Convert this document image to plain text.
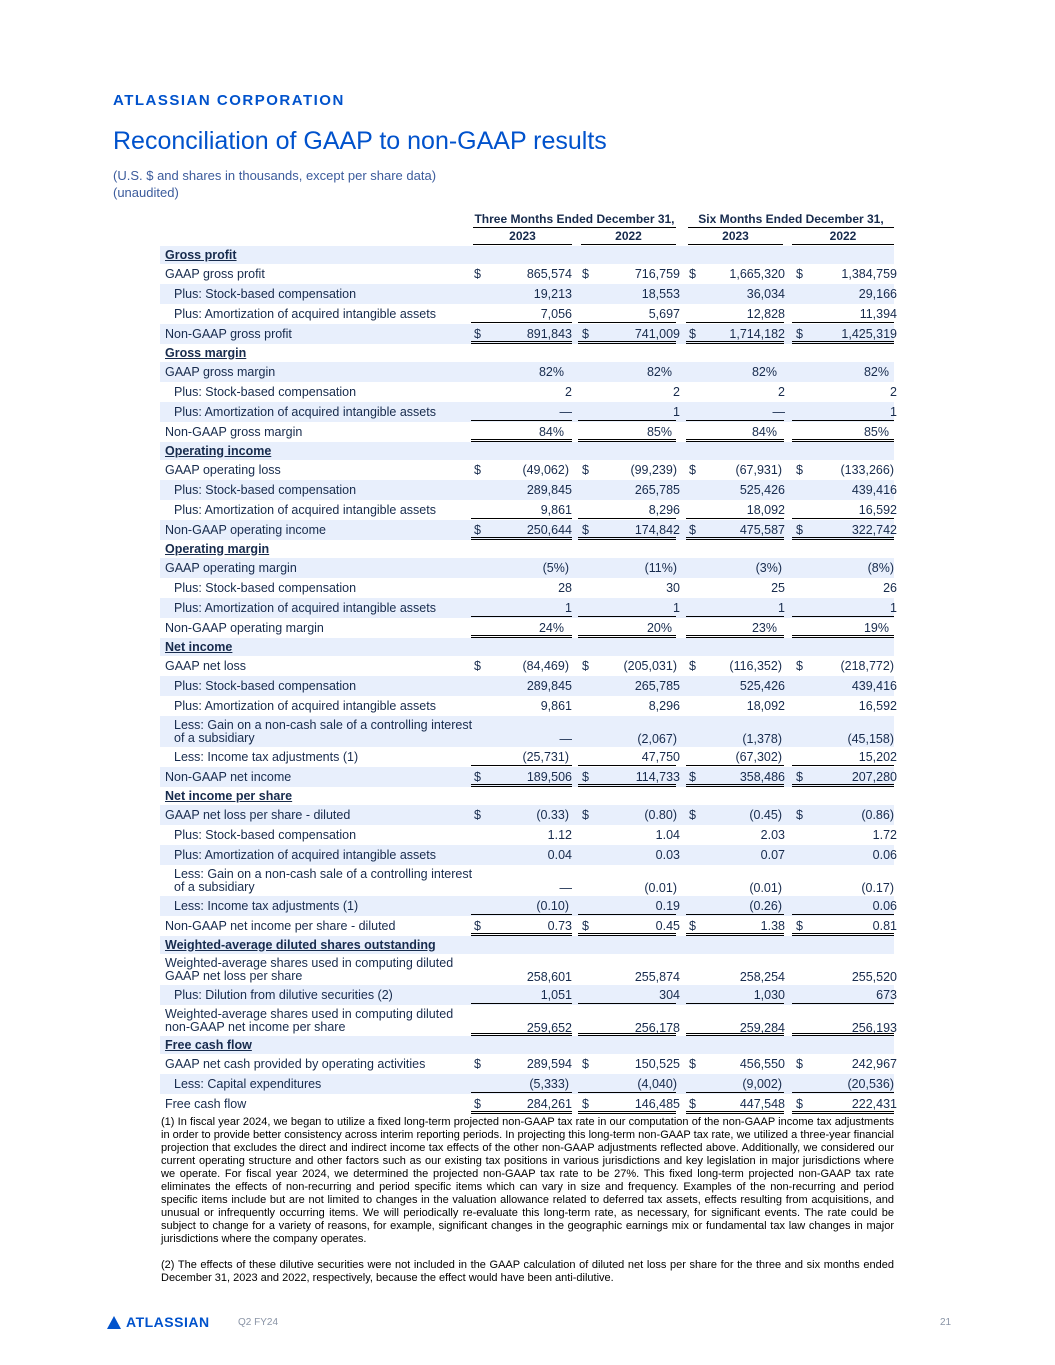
ATLASSIAN CORPORATION
Reconciliation of GAAP to non-GAAP results
(U.S. $ and shares in thousands, except per share data)
(unaudited)
Three Months Ended December 31,	Six Months Ended December 31,
2023	2022	2023	2022
Gross profit
GAAP gross profit	$	865,574 $	716,759 $	1,665,320 $	1,384,759
Plus: Stock-based compensation	19,213	18,553	36,034	29,166
Plus: Amortization of acquired intangible assets	7,056	5,697	12,828	11,394
Non-GAAP gross profit	$	891,843 $	741,009 $	1,714,182 $	1,425,319
Gross margin
GAAP gross margin	82%	82%	82%	82%
Plus: Stock-based compensation	2	2	2	2
Plus: Amortization of acquired intangible assets	—	1	—	1
Non-GAAP gross margin	84%	85%	84%	85%
Operating income
GAAP operating loss	$	(49,062) $	(99,239) $	(67,931) $	(133,266)
Plus: Stock-based compensation	289,845	265,785	525,426	439,416
Plus: Amortization of acquired intangible assets	9,861	8,296	18,092	16,592
Non-GAAP operating income	$	250,644 $	174,842 $	475,587 $	322,742
Operating margin
GAAP operating margin	(5%)	(11%)	(3%)	(8%)
Plus: Stock-based compensation	28	30	25	26
Plus: Amortization of acquired intangible assets	1	1	1	1
Non-GAAP operating margin	24%	20%	23%	19%
Net income
GAAP net loss	$	(84,469) $	(205,031) $	(116,352) $	(218,772)
Plus: Stock-based compensation	289,845	265,785	525,426	439,416
Plus: Amortization of acquired intangible assets	9,861	8,296	18,092	16,592
Less: Gain on a non-cash sale of a controlling interest of a subsidiary	—	(2,067)	(1,378)	(45,158)
Less: Income tax adjustments (1)	(25,731)	47,750	(67,302)	15,202
Non-GAAP net income	$	189,506 $	114,733 $	358,486 $	207,280
Net income per share
GAAP net loss per share - diluted	$	(0.33) $	(0.80) $	(0.45) $	(0.86)
Plus: Stock-based compensation	1.12	1.04	2.03	1.72
Plus: Amortization of acquired intangible assets	0.04	0.03	0.07	0.06
Less: Gain on a non-cash sale of a controlling interest of a subsidiary	—	(0.01)	(0.01)	(0.17)
Less: Income tax adjustments (1)	(0.10)	0.19	(0.26)	0.06
Non-GAAP net income per share - diluted	$	0.73 $	0.45 $	1.38 $	0.81
Weighted-average diluted shares outstanding
Weighted-average shares used in computing diluted GAAP net loss per share	258,601	255,874	258,254	255,520
Plus: Dilution from dilutive securities (2)	1,051	304	1,030	673
Weighted-average shares used in computing diluted non-GAAP net income per share	259,652	256,178	259,284	256,193
Free cash flow
GAAP net cash provided by operating activities	$	289,594 $	150,525 $	456,550 $	242,967
Less: Capital expenditures	(5,333)	(4,040)	(9,002)	(20,536)
Free cash flow	$	284,261 $	146,485 $	447,548 $	222,431
(1) In fiscal year 2024, we began to utilize a fixed long-term projected non-GAAP tax rate in our computation of the non-GAAP income tax adjustments in order to provide better consistency across interim reporting periods. In projecting this long-term non-GAAP tax rate, we utilized a three-year financial projection that excludes the direct and indirect income tax effects of the other non-GAAP adjustments reflected above. Additionally, we considered our current operating structure and other factors such as our existing tax positions in various jurisdictions and key legislation in major jurisdictions where we operate. For fiscal year 2024, we determined the projected non-GAAP tax rate to be 27%. This fixed long-term projected non-GAAP tax rate eliminates the effects of non-recurring and period specific items which can vary in size and frequency. Examples of the non-recurring and period specific items include but are not limited to changes in the valuation allowance related to deferred tax assets, effects resulting from acquisitions, and unusual or infrequently occurring items. We will periodically re-evaluate this long-term rate, as necessary, for significant events. The rate could be subject to change for a variety of reasons, for example, significant changes in the geographic earnings mix or fundamental tax law changes in major jurisdictions where the company operates.
(2) The effects of these dilutive securities were not included in the GAAP calculation of diluted net loss per share for the three and six months ended December 31, 2023 and 2022, respectively, because the effect would have been anti-dilutive.
ATLASSIAN	Q2 FY24	21
